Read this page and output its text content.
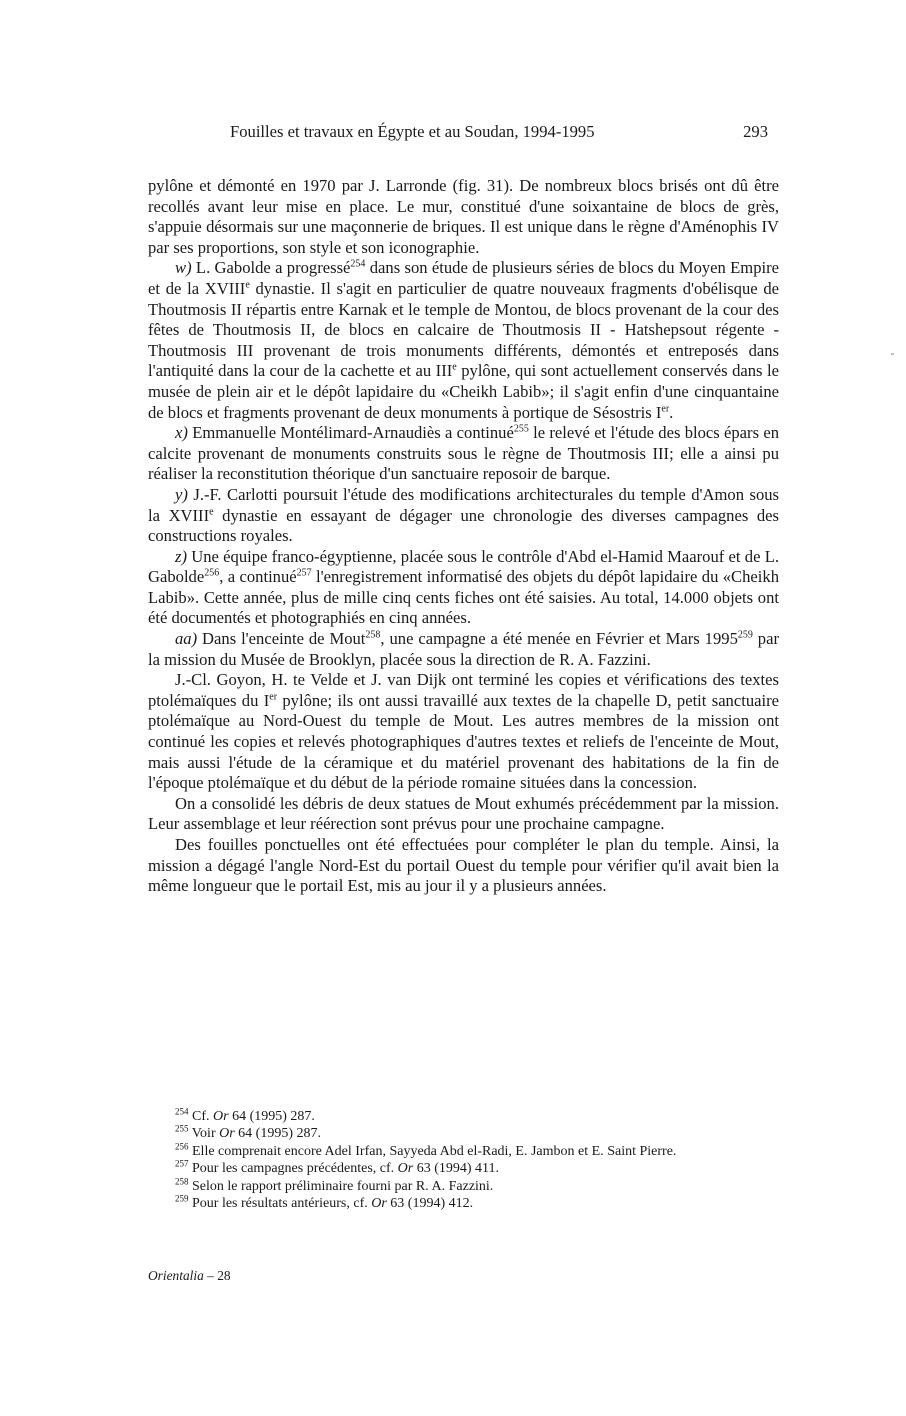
Fouilles et travaux en Égypte et au Soudan, 1994-1995	293

pylône et démonté en 1970 par J. Larronde (fig. 31). De nombreux blocs brisés ont dû être recollés avant leur mise en place. Le mur, constitué d'une soixantaine de blocs de grès, s'appuie désormais sur une maçonnerie de briques. Il est unique dans le règne d'Aménophis IV par ses proportions, son style et son iconographie.

w) L. Gabolde a progressé$^{254}$ dans son étude de plusieurs séries de blocs du Moyen Empire et de la XVIIIe dynastie. Il s'agit en particulier de quatre nouveaux fragments d'obélisque de Thoutmosis II répartis entre Karnak et le temple de Montou, de blocs provenant de la cour des fêtes de Thoutmosis II, de blocs en calcaire de Thoutmosis II - Hatshepsout régente - Thoutmosis III provenant de trois monuments différents, démontés et entreposés dans l'antiquité dans la cour de la cachette et au IIIe pylône, qui sont actuellement conservés dans le musée de plein air et le dépôt lapidaire du «Cheikh Labib»; il s'agit enfin d'une cinquantaine de blocs et fragments provenant de deux monuments à portique de Sésostris Ier.

x) Emmanuelle Montélimard-Arnaudiès a continué$^{255}$ le relevé et l'étude des blocs épars en calcite provenant de monuments construits sous le règne de Thoutmosis III; elle a ainsi pu réaliser la reconstitution théorique d'un sanctuaire reposoir de barque.

y) J.-F. Carlotti poursuit l'étude des modifications architecturales du temple d'Amon sous la XVIIIe dynastie en essayant de dégager une chronologie des diverses campagnes des constructions royales.

z) Une équipe franco-égyptienne, placée sous le contrôle d'Abd el-Hamid Maarouf et de L. Gabolde$^{256}$, a continué$^{257}$ l'enregistrement informatisé des objets du dépôt lapidaire du «Cheikh Labib». Cette année, plus de mille cinq cents fiches ont été saisies. Au total, 14.000 objets ont été documentés et photographiés en cinq années.

aa) Dans l'enceinte de Mout$^{258}$, une campagne a été menée en Février et Mars 1995$^{259}$ par la mission du Musée de Brooklyn, placée sous la direction de R. A. Fazzini.

J.-Cl. Goyon, H. te Velde et J. van Dijk ont terminé les copies et vérifications des textes ptolémaïques du Ier pylône; ils ont aussi travaillé aux textes de la chapelle D, petit sanctuaire ptolémaïque au Nord-Ouest du temple de Mout. Les autres membres de la mission ont continué les copies et relevés photographiques d'autres textes et reliefs de l'enceinte de Mout, mais aussi l'étude de la céramique et du matériel provenant des habitations de la fin de l'époque ptolémaïque et du début de la période romaine situées dans la concession.

On a consolidé les débris de deux statues de Mout exhumés précédemment par la mission. Leur assemblage et leur réérection sont prévus pour une prochaine campagne.

Des fouilles ponctuelles ont été effectuées pour compléter le plan du temple. Ainsi, la mission a dégagé l'angle Nord-Est du portail Ouest du temple pour vérifier qu'il avait bien la même longueur que le portail Est, mis au jour il y a plusieurs années.

$^{254}$ Cf. Or 64 (1995) 287.

$^{255}$ Voir Or 64 (1995) 287.

$^{256}$ Elle comprenait encore Adel Irfan, Sayyeda Abd el-Radi, E. Jambon et E. Saint Pierre.

$^{257}$ Pour les campagnes précédentes, cf. Or 63 (1994) 411.

$^{258}$ Selon le rapport préliminaire fourni par R. A. Fazzini.

$^{259}$ Pour les résultats antérieurs, cf. Or 63 (1994) 412.

Orientalia – 28
